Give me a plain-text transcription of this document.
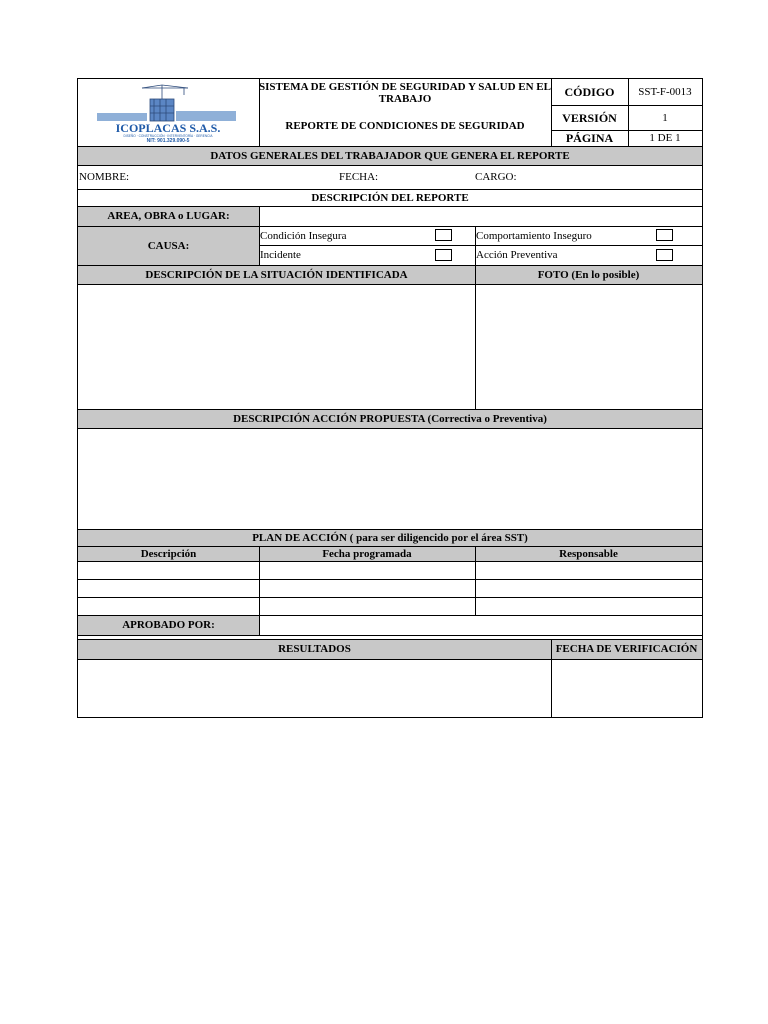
ICOPLACAS S.A.S.
DISEÑO · CONSTRUCCIÓN · INTERVENTORÍA · GERENCIA
NIT: 901.329.090-5
SISTEMA DE GESTIÓN DE SEGURIDAD Y SALUD EN EL TRABAJO
REPORTE DE CONDICIONES DE SEGURIDAD
CÓDIGO	SST-F-0013
VERSIÓN	1
PÁGINA	1 DE 1
DATOS GENERALES DEL TRABAJADOR QUE GENERA EL REPORTE
NOMBRE:	FECHA:	CARGO:
DESCRIPCIÓN DEL REPORTE
AREA, OBRA o LUGAR:
CAUSA:
Condición Insegura	Comportamiento Inseguro
Incidente	Acción Preventiva
DESCRIPCIÓN DE LA SITUACIÓN IDENTIFICADA	FOTO (En lo posible)
DESCRIPCIÓN ACCIÓN PROPUESTA (Correctiva o Preventiva)
PLAN DE ACCIÓN ( para ser diligencido por el área SST)
Descripción	Fecha programada	Responsable
APROBADO POR:
RESULTADOS	FECHA DE VERIFICACIÓN
